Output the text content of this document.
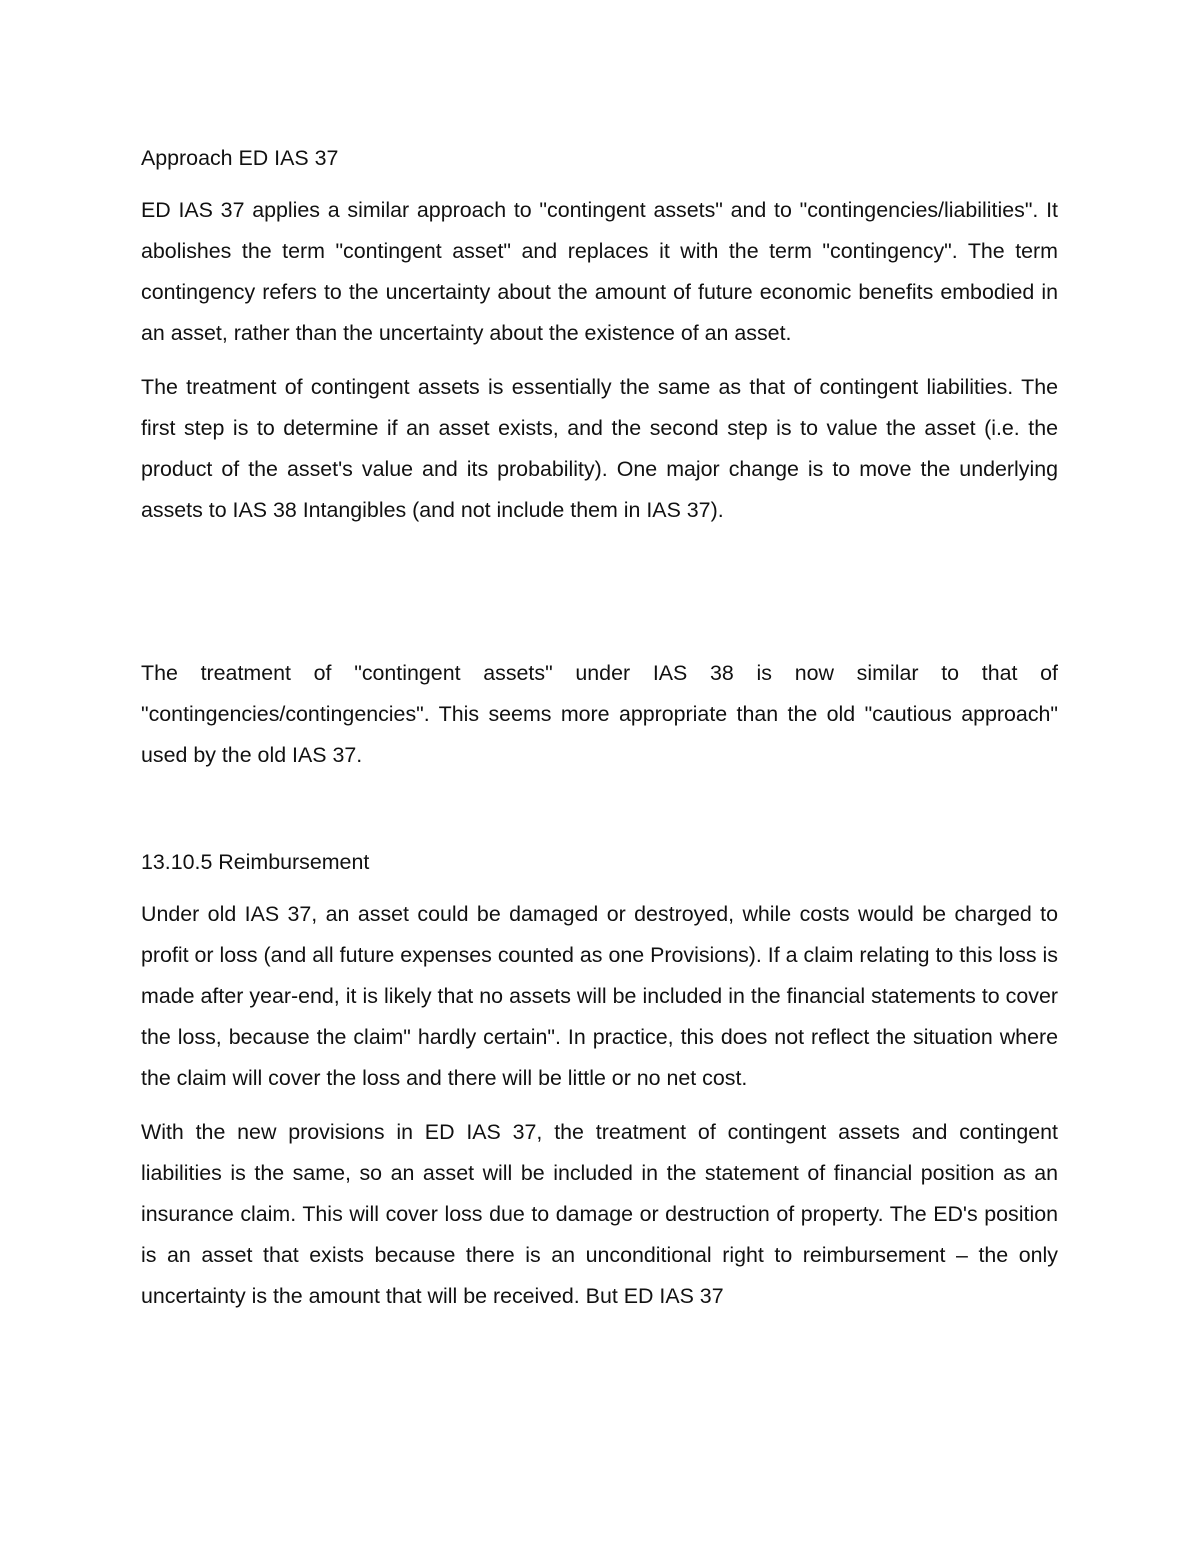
Approach ED IAS 37

ED IAS 37 applies a similar approach to "contingent assets" and to "contingencies/liabilities". It abolishes the term "contingent asset" and replaces it with the term "contingency". The term contingency refers to the uncertainty about the amount of future economic benefits embodied in an asset, rather than the uncertainty about the existence of an asset.

The treatment of contingent assets is essentially the same as that of contingent liabilities. The first step is to determine if an asset exists, and the second step is to value the asset (i.e. the product of the asset's value and its probability). One major change is to move the underlying assets to IAS 38 Intangibles (and not include them in IAS 37).

The treatment of "contingent assets" under IAS 38 is now similar to that of "contingencies/contingencies". This seems more appropriate than the old "cautious approach" used by the old IAS 37.

13.10.5 Reimbursement

Under old IAS 37, an asset could be damaged or destroyed, while costs would be charged to profit or loss (and all future expenses counted as one Provisions). If a claim relating to this loss is made after year-end, it is likely that no assets will be included in the financial statements to cover the loss, because the claim" hardly certain". In practice, this does not reflect the situation where the claim will cover the loss and there will be little or no net cost.

With the new provisions in ED IAS 37, the treatment of contingent assets and contingent liabilities is the same, so an asset will be included in the statement of financial position as an insurance claim. This will cover loss due to damage or destruction of property. The ED's position is an asset that exists because there is an unconditional right to reimbursement – the only uncertainty is the amount that will be received. But ED IAS 37
